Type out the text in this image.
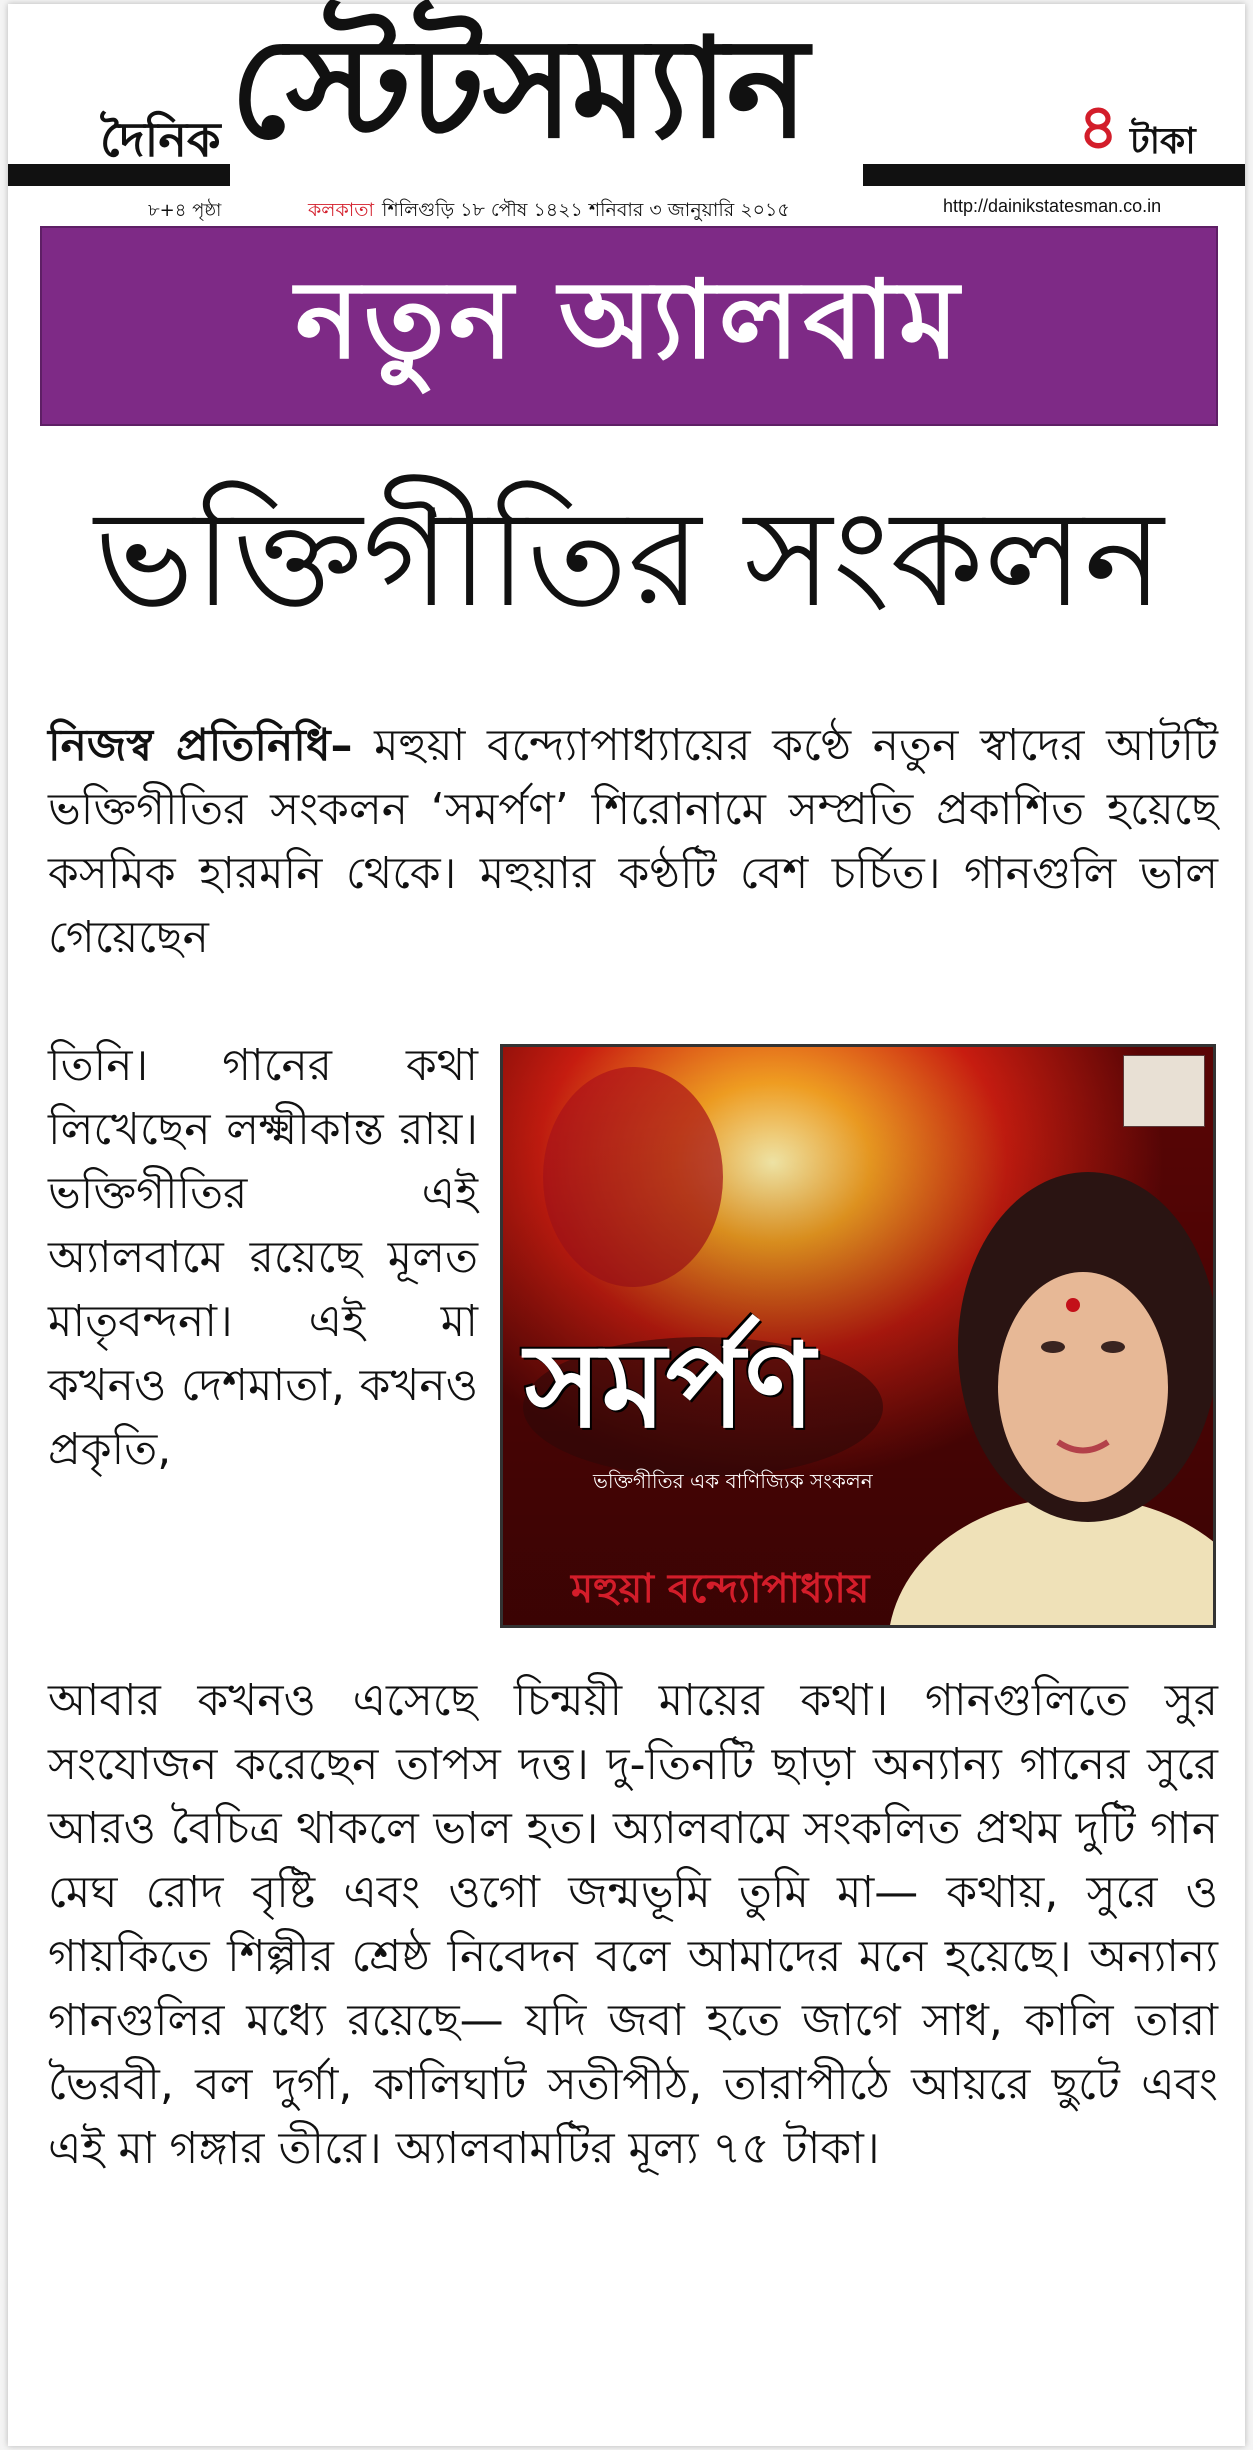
দৈনিক স্টেটসম্যান	৪ টাকা
৮+৪ পৃষ্ঠা	কলকাতা শিলিগুড়ি ১৮ পৌষ ১৪২১ শনিবার ৩ জানুয়ারি ২০১৫	http://dainikstatesman.co.in
নতুন অ্যালবাম
ভক্তিগীতির সংকলন

নিজস্ব প্রতিনিধি– মহুয়া বন্দ্যোপাধ্যায়ের কণ্ঠে নতুন স্বাদের আটটি ভক্তিগীতির সংকলন ‘সমর্পণ’ শিরোনামে সম্প্রতি প্রকাশিত হয়েছে কসমিক হারমনি থেকে। মহুয়ার কণ্ঠটি বেশ চর্চিত। গানগুলি ভাল গেয়েছেন

তিনি। গানের কথা লিখেছেন লক্ষ্মীকান্ত রায়। ভক্তিগীতির এই অ্যালবামে রয়েছে মূলত মাতৃবন্দনা। এই মা কখনও দেশমাতা, কখনও প্রকৃতি,	সমর্পণ
ভক্তিগীতির এক বাণিজ্যিক সংকলন
মহুয়া বন্দ্যোপাধ্যায়

আবার কখনও এসেছে চিন্ময়ী মায়ের কথা। গানগুলিতে সুর সংযোজন করেছেন তাপস দত্ত। দু-তিনটি ছাড়া অন্যান্য গানের সুরে আরও বৈচিত্র থাকলে ভাল হত। অ্যালবামে সংকলিত প্রথম দুটি গান মেঘ রোদ বৃষ্টি এবং ওগো জন্মভূমি তুমি মা— কথায়, সুরে ও গায়কিতে শিল্পীর শ্রেষ্ঠ নিবেদন বলে আমাদের মনে হয়েছে। অন্যান্য গানগুলির মধ্যে রয়েছে— যদি জবা হতে জাগে সাধ, কালি তারা ভৈরবী, বল দুর্গা, কালিঘাট সতীপীঠ, তারাপীঠে আয়রে ছুটে এবং এই মা গঙ্গার তীরে। অ্যালবামটির মূল্য ৭৫ টাকা।
